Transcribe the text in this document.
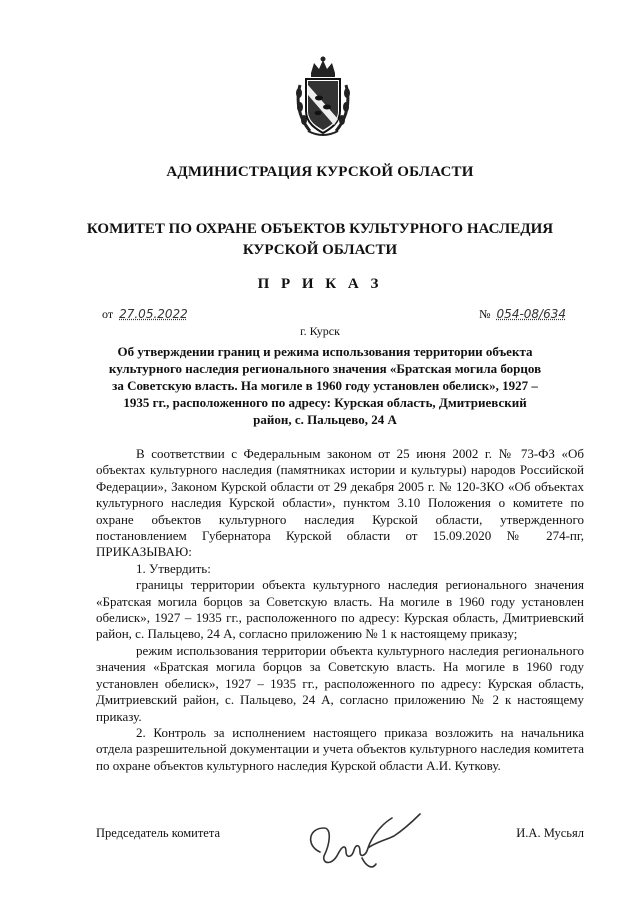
АДМИНИСТРАЦИЯ КУРСКОЙ ОБЛАСТИ
КОМИТЕТ ПО ОХРАНЕ ОБЪЕКТОВ КУЛЬТУРНОГО НАСЛЕДИЯ
КУРСКОЙ ОБЛАСТИ
П Р И К А З
от 27.05.2022	№ 054-08/634
г. Курск
Об утверждении границ и режима использования территории объекта культурного наследия регионального значения «Братская могила борцов за Советскую власть. На могиле в 1960 году установлен обелиск», 1927 – 1935 гг., расположенного по адресу: Курская область, Дмитриевский район, с. Пальцево, 24 А

В соответствии с Федеральным законом от 25 июня 2002 г. № 73-ФЗ «Об объектах культурного наследия (памятниках истории и культуры) народов Российской Федерации», Законом Курской области от 29 декабря 2005 г. № 120-ЗКО «Об объектах культурного наследия Курской области», пунктом 3.10 Положения о комитете по охране объектов культурного наследия Курской области, утвержденного постановлением Губернатора Курской области от 15.09.2020 № 274-пг, ПРИКАЗЫВАЮ:

1. Утвердить:

границы территории объекта культурного наследия регионального значения «Братская могила борцов за Советскую власть. На могиле в 1960 году установлен обелиск», 1927 – 1935 гг., расположенного по адресу: Курская область, Дмитриевский район, с. Пальцево, 24 А, согласно приложению № 1 к настоящему приказу;

режим использования территории объекта культурного наследия регионального значения «Братская могила борцов за Советскую власть. На могиле в 1960 году установлен обелиск», 1927 – 1935 гг., расположенного по адресу: Курская область, Дмитриевский район, с. Пальцево, 24 А, согласно приложению № 2 к настоящему приказу.

2. Контроль за исполнением настоящего приказа возложить на начальника отдела разрешительной документации и учета объектов культурного наследия комитета по охране объектов культурного наследия Курской области А.И. Куткову.

Председатель комитета	И.А. Мусьял
